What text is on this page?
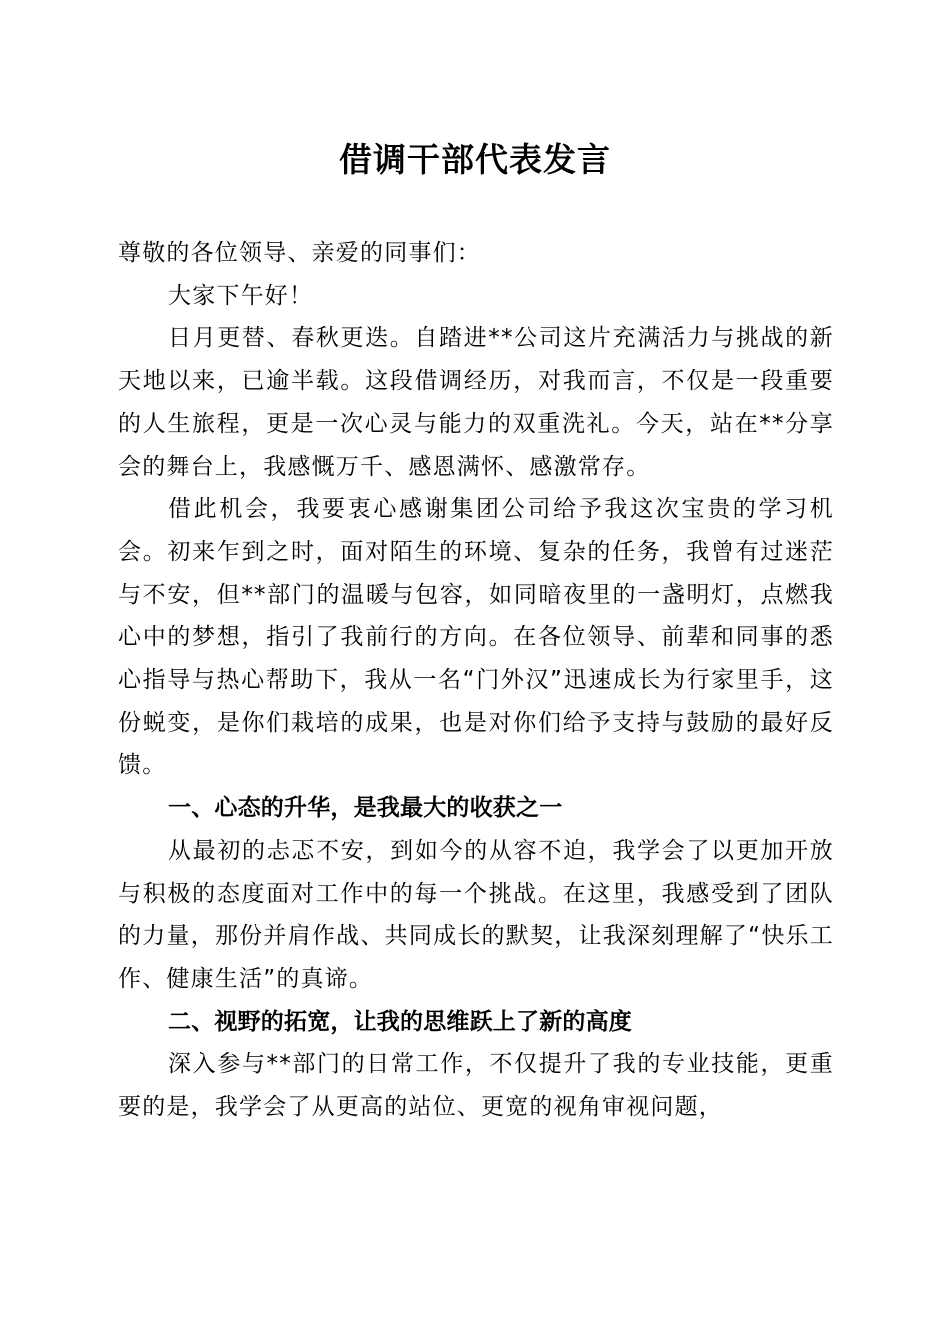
借调干部代表发言

尊敬的各位领导、亲爱的同事们：

大家下午好！

日月更替、春秋更迭。自踏进**公司这片充满活力与挑战的新天地以来，已逾半载。这段借调经历，对我而言，不仅是一段重要的人生旅程，更是一次心灵与能力的双重洗礼。今天，站在**分享会的舞台上，我感慨万千、感恩满怀、感激常存。

借此机会，我要衷心感谢集团公司给予我这次宝贵的学习机会。初来乍到之时，面对陌生的环境、复杂的任务，我曾有过迷茫与不安，但**部门的温暖与包容，如同暗夜里的一盏明灯，点燃我心中的梦想，指引了我前行的方向。在各位领导、前辈和同事的悉心指导与热心帮助下，我从一名“门外汉”迅速成长为行家里手，这份蜕变，是你们栽培的成果，也是对你们给予支持与鼓励的最好反馈。

一、心态的升华，是我最大的收获之一

从最初的忐忑不安，到如今的从容不迫，我学会了以更加开放与积极的态度面对工作中的每一个挑战。在这里，我感受到了团队的力量，那份并肩作战、共同成长的默契，让我深刻理解了“快乐工作、健康生活”的真谛。

二、视野的拓宽，让我的思维跃上了新的高度

深入参与**部门的日常工作，不仅提升了我的专业技能，更重要的是，我学会了从更高的站位、更宽的视角审视问题，
